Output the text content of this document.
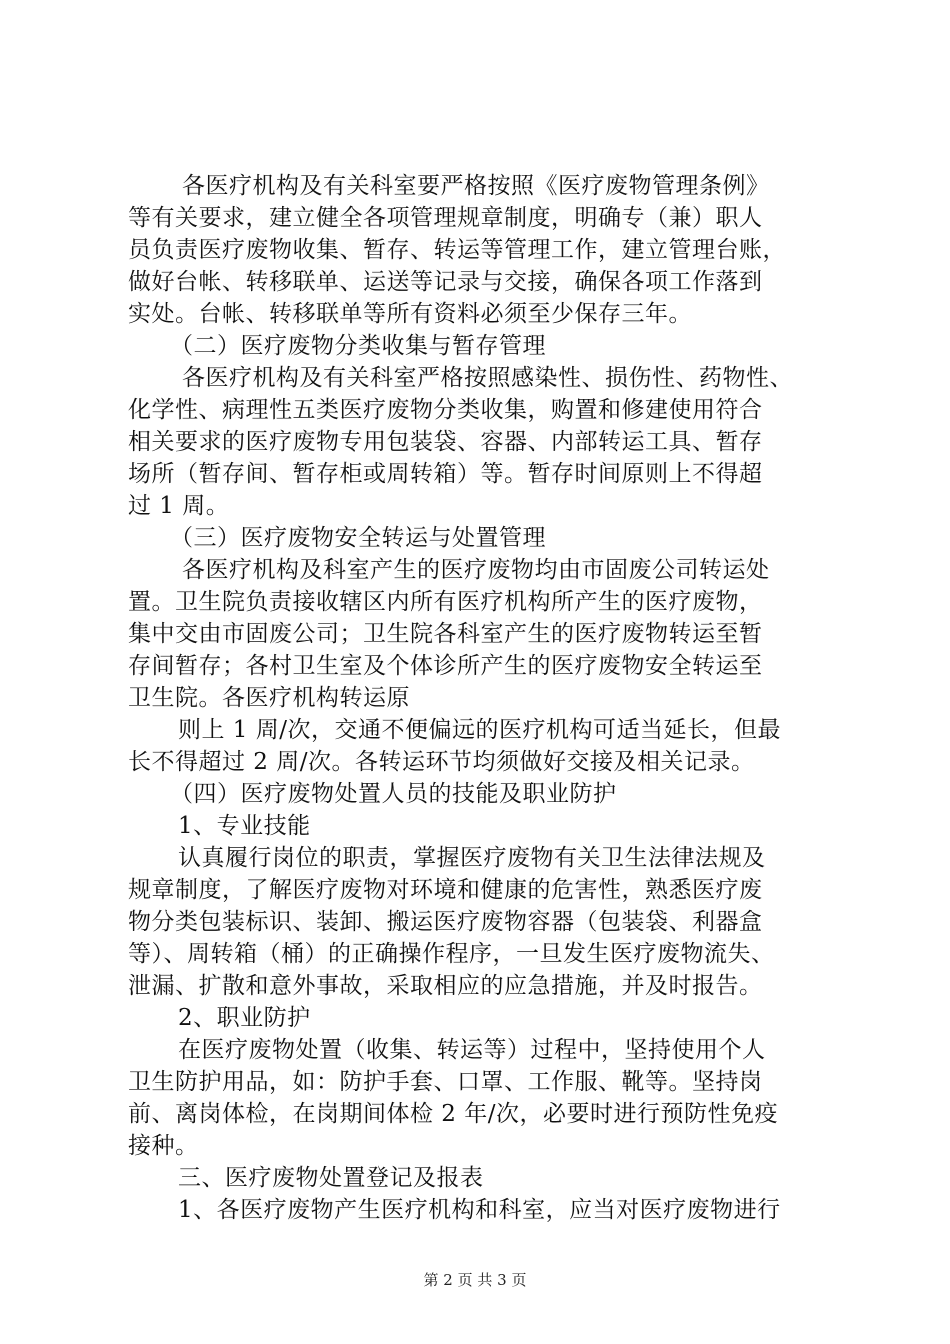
各医疗机构及有关科室要严格按照《医疗废物管理条例》
等有关要求，建立健全各项管理规章制度，明确专（兼）职人
员负责医疗废物收集、暂存、转运等管理工作，建立管理台账，
做好台帐、转移联单、运送等记录与交接，确保各项工作落到
实处。台帐、转移联单等所有资料必须至少保存三年。
（二）医疗废物分类收集与暂存管理
各医疗机构及有关科室严格按照感染性、损伤性、药物性、
化学性、病理性五类医疗废物分类收集，购置和修建使用符合
相关要求的医疗废物专用包装袋、容器、内部转运工具、暂存
场所（暂存间、暂存柜或周转箱）等。暂存时间原则上不得超
过 1 周。
（三）医疗废物安全转运与处置管理
各医疗机构及科室产生的医疗废物均由市固废公司转运处
置。卫生院负责接收辖区内所有医疗机构所产生的医疗废物，
集中交由市固废公司；卫生院各科室产生的医疗废物转运至暂
存间暂存；各村卫生室及个体诊所产生的医疗废物安全转运至
卫生院。各医疗机构转运原
则上 1 周/次，交通不便偏远的医疗机构可适当延长，但最
长不得超过 2 周/次。各转运环节均须做好交接及相关记录。
（四）医疗废物处置人员的技能及职业防护
1、专业技能
认真履行岗位的职责，掌握医疗废物有关卫生法律法规及
规章制度，了解医疗废物对环境和健康的危害性，熟悉医疗废
物分类包装标识、装卸、搬运医疗废物容器（包装袋、利器盒
等）、周转箱（桶）的正确操作程序，一旦发生医疗废物流失、
泄漏、扩散和意外事故，采取相应的应急措施，并及时报告。
2、职业防护
在医疗废物处置（收集、转运等）过程中，坚持使用个人
卫生防护用品，如：防护手套、口罩、工作服、靴等。坚持岗
前、离岗体检，在岗期间体检 2 年/次，必要时进行预防性免疫
接种。
三、医疗废物处置登记及报表
1、各医疗废物产生医疗机构和科室，应当对医疗废物进行
第 2 页 共 3 页
